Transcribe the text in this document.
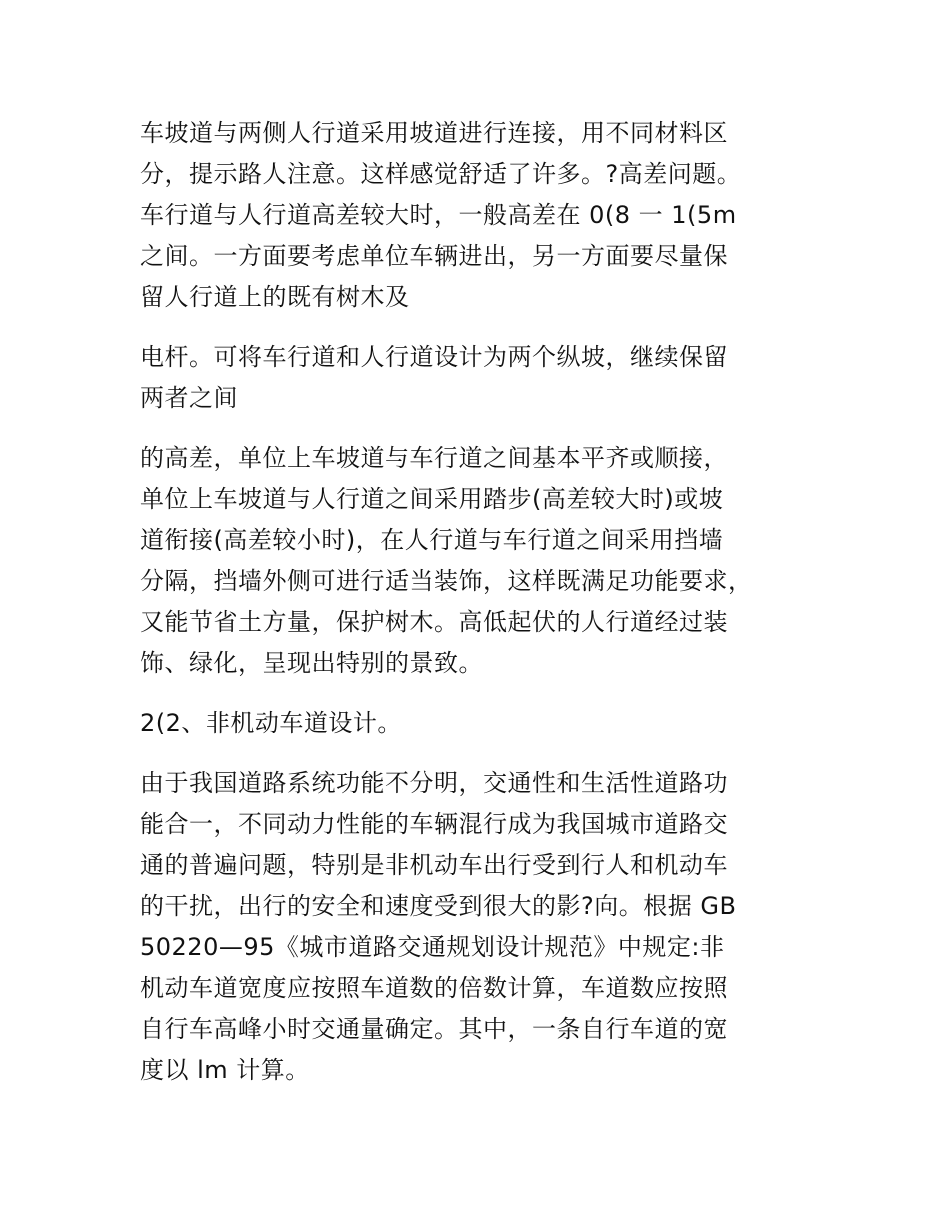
车坡道与两侧人行道采用坡道进行连接，用不同材料区
分，提示路人注意。这样感觉舒适了许多。?高差问题。
车行道与人行道高差较大时，一般高差在 0(8 一 1(5m
之间。一方面要考虑单位车辆进出，另一方面要尽量保
留人行道上的既有树木及
电杆。可将车行道和人行道设计为两个纵坡，继续保留
两者之间
的高差，单位上车坡道与车行道之间基本平齐或顺接，
单位上车坡道与人行道之间采用踏步(高差较大时)或坡
道衔接(高差较小时)，在人行道与车行道之间采用挡墙
分隔，挡墙外侧可进行适当装饰，这样既满足功能要求，
又能节省土方量，保护树木。高低起伏的人行道经过装
饰、绿化，呈现出特别的景致。
2(2、非机动车道设计。
由于我国道路系统功能不分明，交通性和生活性道路功
能合一，不同动力性能的车辆混行成为我国城市道路交
通的普遍问题，特别是非机动车出行受到行人和机动车
的干扰，出行的安全和速度受到很大的影?向。根据 GB
50220—95《城市道路交通规划设计规范》中规定:非
机动车道宽度应按照车道数的倍数计算，车道数应按照
自行车高峰小时交通量确定。其中，一条自行车道的宽
度以 lm 计算。
